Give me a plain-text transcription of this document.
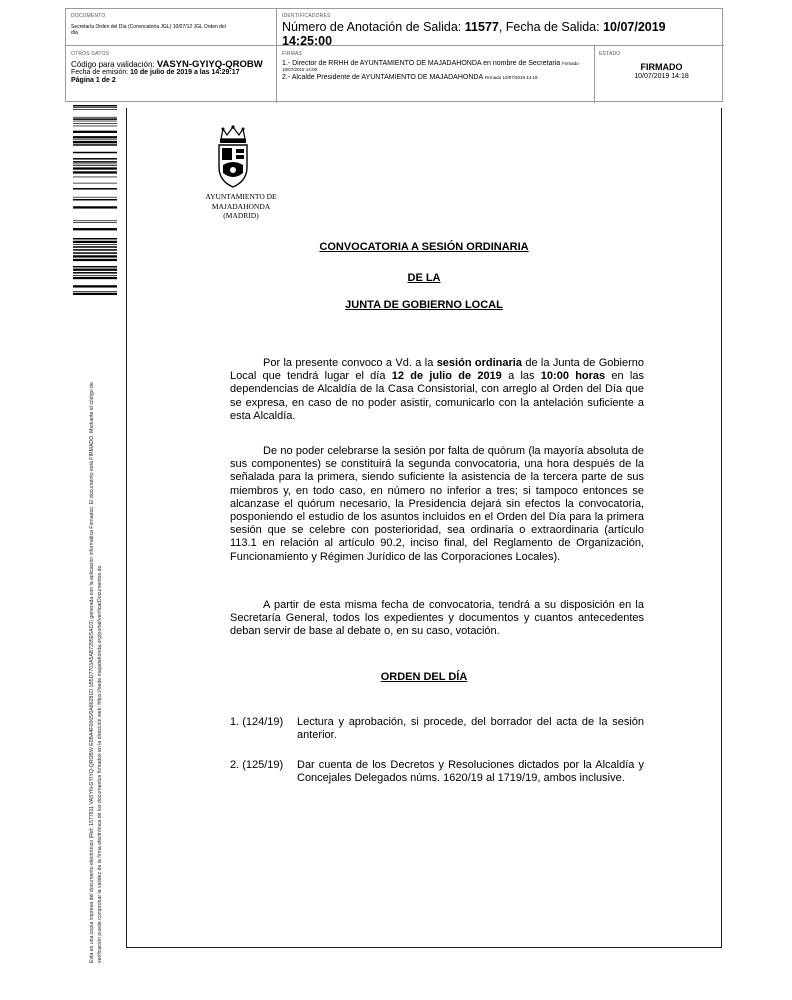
DOCUMENTO
Secretaría Orden del Día (Convocatoria JGL) 10/07/12 JGL Orden del día
IDENTIFICADORES
Número de Anotación de Salida: 11577, Fecha de Salida: 10/07/2019
14:25:00
OTROS DATOS
Código para validación: VASYN-GYIYQ-QROBW
Fecha de emisión: 10 de julio de 2019 a las 14:29:17
Página 1 de 2
FIRMAS
1.- Director de RRHH de AYUNTAMIENTO DE MAJADAHONDA en nombre de Secretaria Firmado
10/07/2019 14:09
2.- Alcalde Presidente de AYUNTAMIENTO DE MAJADAHONDA Firmado 10/07/2019 14:18
ESTADO
FIRMADO
10/07/2019 14:18
Esta es una copia impresa del documento electrónico (Ref: 1577811 VASYN-GYIYQ-QROBW E0BA4F0665/0A86281D 1B5D7703A5AB7295E5AC0) generada con la aplicación informática Firmadoc. El documento está FIRMADO. Mediante el código de verificación puede comprobar la validez de la firma electrónica de los documentos firmados en la dirección web: https://sede.majadahonda.org/portal/verificarDocumentos.do
AYUNTAMIENTO DE
MAJADAHONDA
(MADRID)
CONVOCATORIA A SESIÓN ORDINARIA
DE LA
JUNTA DE GOBIERNO LOCAL

Por la presente convoco a Vd. a la sesión ordinaria de la Junta de Gobierno Local que tendrá lugar el día 12 de julio de 2019 a las 10:00 horas en las dependencias de Alcaldía de la Casa Consistorial, con arreglo al Orden del Día que se expresa, en caso de no poder asistir, comunicarlo con la antelación suficiente a esta Alcaldía.

De no poder celebrarse la sesión por falta de quórum (la mayoría absoluta de sus componentes) se constituirá la segunda convocatoria, una hora después de la señalada para la primera, siendo suficiente la asistencia de la tercera parte de sus miembros y, en todo caso, en número no inferior a tres; si tampoco entonces se alcanzase el quórum necesario, la Presidencia dejará sin efectos la convocatoria, posponiendo el estudio de los asuntos incluidos en el Orden del Día para la primera sesión que se celebre con posterioridad, sea ordinaria o extraordinaria (artículo 113.1 en relación al artículo 90.2, inciso final, del Reglamento de Organización, Funcionamiento y Régimen Jurídico de las Corporaciones Locales).

A partir de esta misma fecha de convocatoria, tendrá a su disposición en la Secretaría General, todos los expedientes y documentos y cuantos antecedentes deban servir de base al debate o, en su caso, votación.

ORDEN DEL DÍA
1. (124/19) Lectura y aprobación, si procede, del borrador del acta de la sesión anterior.
2. (125/19) Dar cuenta de los Decretos y Resoluciones dictados por la Alcaldía y Concejales Delegados núms. 1620/19 al 1719/19, ambos inclusive.
